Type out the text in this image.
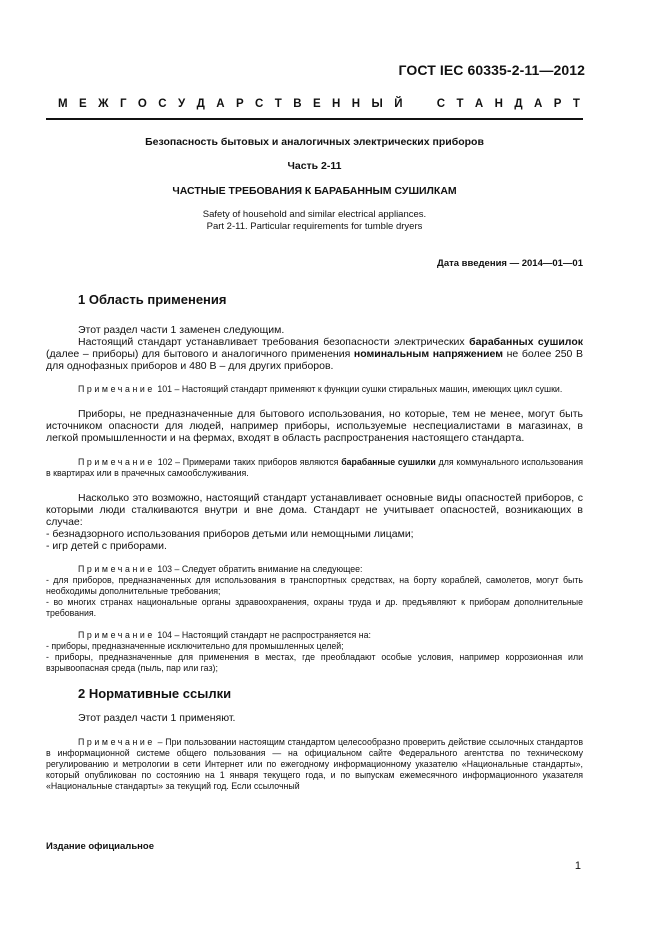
ГОСТ IEC 60335-2-11—2012
М Е Ж Г О С У Д А Р С Т В Е Н Н Ы Й	С Т А Н Д А Р Т
Безопасность бытовых и аналогичных электрических приборов
Часть 2-11
ЧАСТНЫЕ ТРЕБОВАНИЯ К БАРАБАННЫМ СУШИЛКАМ
Safety of household and similar electrical appliances.
Part 2-11. Particular requirements for tumble dryers
Дата введения — 2014—01—01
1 Область применения

Этот раздел части 1 заменен следующим.

Настоящий стандарт устанавливает требования безопасности электрических барабанных сушилок (далее – приборы) для бытового и аналогичного применения номинальным напряжением не более 250 В для однофазных приборов и 480 В – для других приборов.

Примечание 101 – Настоящий стандарт применяют к функции сушки стиральных машин, имеющих цикл сушки.

Приборы, не предназначенные для бытового использования, но которые, тем не менее, могут быть источником опасности для людей, например приборы, используемые неспециалистами в магазинах, в легкой промышленности и на фермах, входят в область распространения настоящего стандарта.

Примечание 102 – Примерами таких приборов являются барабанные сушилки для коммунального использования в квартирах или в прачечных самообслуживания.

Насколько это возможно, настоящий стандарт устанавливает основные виды опасностей приборов, с которыми люди сталкиваются внутри и вне дома. Стандарт не учитывает опасностей, возникающих в случае:

- безнадзорного использования приборов детьми или немощными лицами;

- игр детей с приборами.

Примечание 103 – Следует обратить внимание на следующее:

- для приборов, предназначенных для использования в транспортных средствах, на борту кораблей, самолетов, могут быть необходимы дополнительные требования;

- во многих странах национальные органы здравоохранения, охраны труда и др. предъявляют к приборам дополнительные требования.

Примечание 104 – Настоящий стандарт не распространяется на:

- приборы, предназначенные исключительно для промышленных целей;

- приборы, предназначенные для применения в местах, где преобладают особые условия, например коррозионная или взрывоопасная среда (пыль, пар или газ);

2 Нормативные ссылки

Этот раздел части 1 применяют.

Примечание – При пользовании настоящим стандартом целесообразно проверить действие ссылочных стандартов в информационной системе общего пользования — на официальном сайте Федерального агентства по техническому регулированию и метрологии в сети Интернет или по ежегодному информационному указателю «Национальные стандарты», который опубликован по состоянию на 1 января текущего года, и по выпускам ежемесячного информационного указателя «Национальные стандарты» за текущий год. Если ссылочный

Издание официальное
1
